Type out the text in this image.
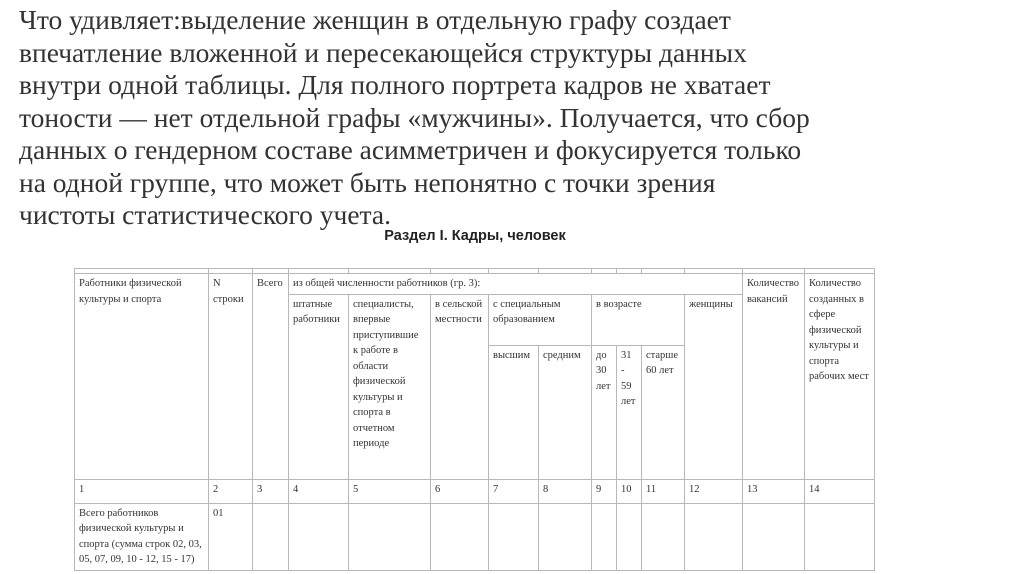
Что удивляет:выделение женщин в отдельную графу создает
впечатление вложенной и пересекающейся структуры данных
внутри одной таблицы. Для полного портрета кадров не хватает
тоности — нет отдельной графы «мужчины». Получается, что сбор
данных о гендерном составе асимметричен и фокусируется только
на одной группе, что может быть непонятно с точки зрения
чистоты статистического учета.
Раздел I. Кадры, человек

Работники физической культуры и спорта	N строки	Всего	из общей численности работников (гр. 3):									Количество вакансий	Количество созданных в сфере физической культуры и спорта рабочих мест
			штатные работники	специалисты, впервые приступившие к работе в области физической культуры и спорта в отчетном периоде	в сельской местности	с специальным образованием		в возрасте			женщины		
						высшим	средним	до 30 лет	31 - 59 лет	старше 60 лет			
1	2	3	4	5	6	7	8	9	10	11	12	13	14
Всего работников физической культуры и спорта (сумма строк 02, 03, 05, 07, 09, 10 - 12, 15 - 17)	01												
